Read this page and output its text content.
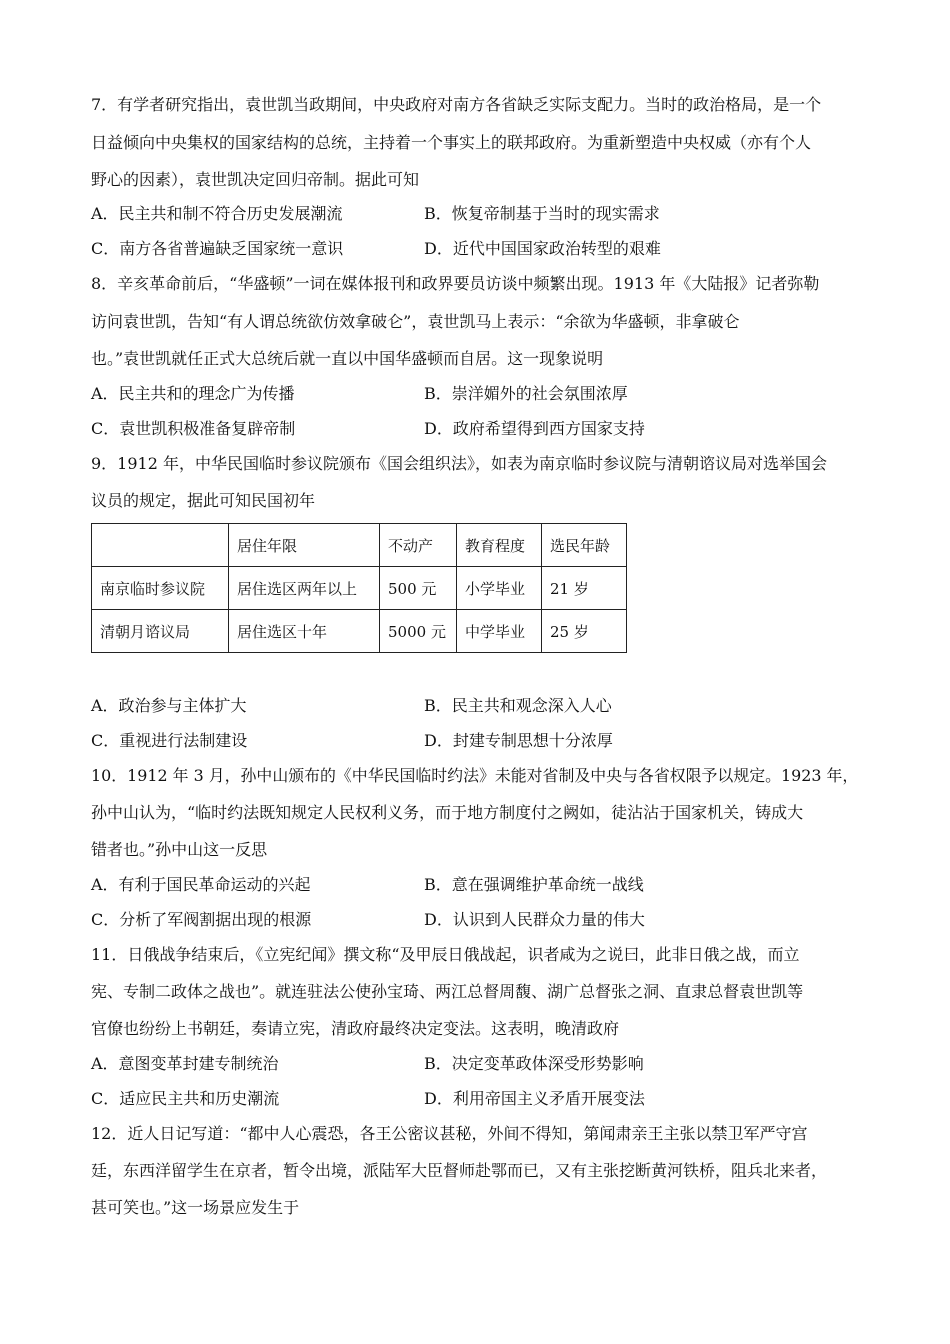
7．有学者研究指出，袁世凯当政期间，中央政府对南方各省缺乏实际支配力。当时的政治格局，是一个
日益倾向中央集权的国家结构的总统，主持着一个事实上的联邦政府。为重新塑造中央权威（亦有个人
野心的因素），袁世凯决定回归帝制。据此可知
A．民主共和制不符合历史发展潮流	B．恢复帝制基于当时的现实需求
C．南方各省普遍缺乏国家统一意识	D．近代中国国家政治转型的艰难
8．辛亥革命前后，“华盛顿”一词在媒体报刊和政界要员访谈中频繁出现。1913 年《大陆报》记者弥勒
访问袁世凯，告知“有人谓总统欲仿效拿破仑”，袁世凯马上表示：“余欲为华盛顿，非拿破仑
也。”袁世凯就任正式大总统后就一直以中国华盛顿而自居。这一现象说明
A．民主共和的理念广为传播	B．崇洋媚外的社会氛围浓厚
C．袁世凯积极准备复辟帝制	D．政府希望得到西方国家支持
9．1912 年，中华民国临时参议院颁布《国会组织法》，如表为南京临时参议院与清朝谘议局对选举国会
议员的规定，据此可知民国初年
	居住年限	不动产	教育程度	选民年龄
南京临时参议院	居住选区两年以上	500 元	小学毕业	21 岁
清朝月谘议局	居住选区十年	5000 元	中学毕业	25 岁
A．政治参与主体扩大	B．民主共和观念深入人心
C．重视进行法制建设	D．封建专制思想十分浓厚
10．1912 年 3 月，孙中山颁布的《中华民国临时约法》未能对省制及中央与各省权限予以规定。1923 年，
孙中山认为，“临时约法既知规定人民权利义务，而于地方制度付之阙如，徒沾沾于国家机关，铸成大
错者也。”孙中山这一反思
A．有利于国民革命运动的兴起	B．意在强调维护革命统一战线
C．分析了军阀割据出现的根源	D．认识到人民群众力量的伟大
11．日俄战争结束后，《立宪纪闻》撰文称“及甲辰日俄战起，识者咸为之说曰，此非日俄之战，而立
宪、专制二政体之战也”。就连驻法公使孙宝琦、两江总督周馥、湖广总督张之洞、直隶总督袁世凯等
官僚也纷纷上书朝廷，奏请立宪，清政府最终决定变法。这表明，晚清政府
A．意图变革封建专制统治	B．决定变革政体深受形势影响
C．适应民主共和历史潮流	D．利用帝国主义矛盾开展变法
12．近人日记写道：“都中人心震恐，各王公密议甚秘，外间不得知，第闻肃亲王主张以禁卫军严守宫
廷，东西洋留学生在京者，暂令出境，派陆军大臣督师赴鄂而已，又有主张挖断黄河铁桥，阻兵北来者，
甚可笑也。”这一场景应发生于
